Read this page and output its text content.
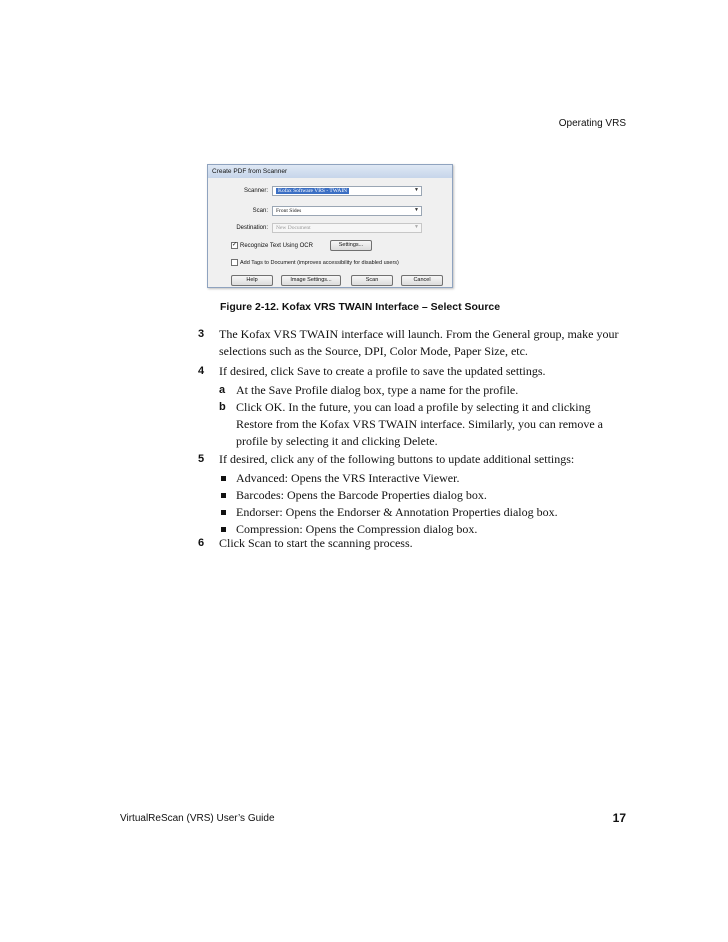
Operating VRS
Create PDF from Scanner
Scanner:	Kofax Software VRS - TWAIN	▼
Scan:	Front Sides	▼
Destination:	New Document	▼
✓ Recognize Text Using OCR	Settings...
Add Tags to Document (improves accessibility for disabled users)
Help	Image Settings...	Scan	Cancel
Figure 2-12. Kofax VRS TWAIN Interface – Select Source
3	The Kofax VRS TWAIN interface will launch. From the General group, make your selections such as the Source, DPI, Color Mode, Paper Size, etc.
4	If desired, click Save to create a profile to save the updated settings.
a At the Save Profile dialog box, type a name for the profile.
b Click OK. In the future, you can load a profile by selecting it and clicking Restore from the Kofax VRS TWAIN interface. Similarly, you can remove a profile by selecting it and clicking Delete.
5	If desired, click any of the following buttons to update additional settings:
Advanced: Opens the VRS Interactive Viewer.
Barcodes: Opens the Barcode Properties dialog box.
Endorser: Opens the Endorser & Annotation Properties dialog box.
Compression: Opens the Compression dialog box.
6	Click Scan to start the scanning process.
VirtualReScan (VRS) User’s Guide	17
